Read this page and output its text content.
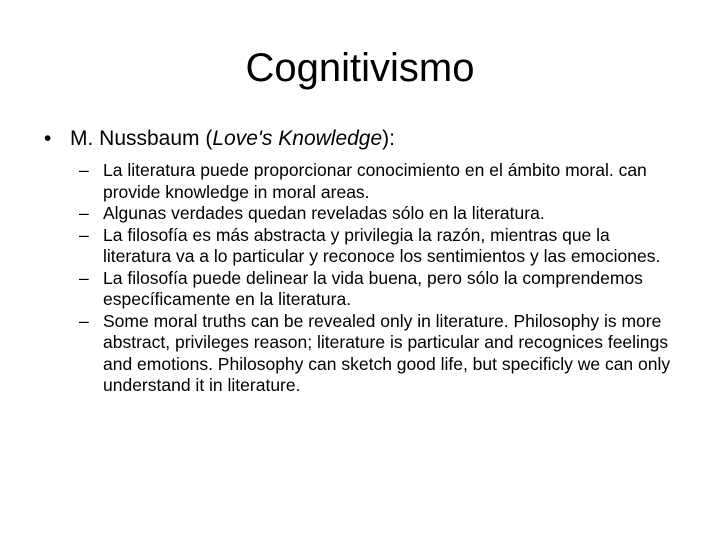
Cognitivismo
• M. Nussbaum (Love's Knowledge):
– La literatura puede proporcionar conocimiento en el ámbito moral. can provide knowledge in moral areas.
– Algunas verdades quedan reveladas sólo en la literatura.
– La filosofía es más abstracta y privilegia la razón, mientras que la literatura va a lo particular y reconoce los sentimientos y las emociones.
– La filosofía puede delinear la vida buena, pero sólo la comprendemos específicamente en la literatura.
– Some moral truths can be revealed only in literature. Philosophy is more abstract, privileges reason; literature is particular and recognices feelings and emotions. Philosophy can sketch good life, but specificly we can only understand it in literature.
